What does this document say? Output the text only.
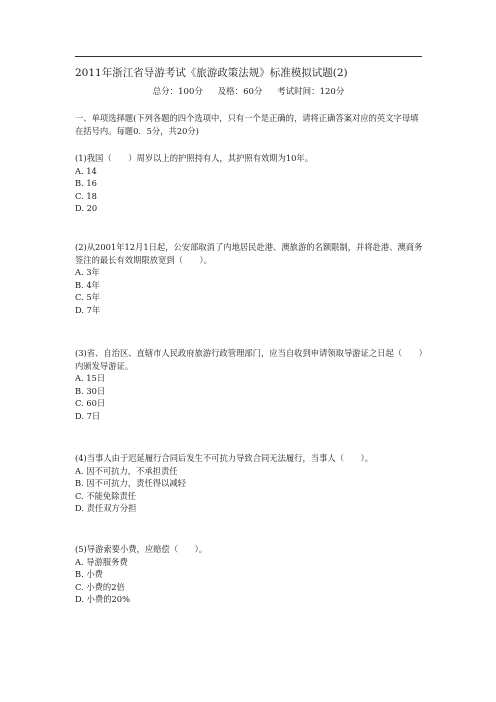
2011年浙江省导游考试《旅游政策法规》标准模拟试题(2)
总分：100分 及格：60分 考试时间：120分
一、单项选择题(下列各题的四个选项中，只有一个是正确的，请将正确答案对应的英文字母填在括号内。每题0．5分，共20分)

(1)我国（　　）周岁以上的护照持有人，其护照有效期为10年。

A. 14

B. 16

C. 18

D. 20

(2)从2001年12月1日起，公安部取消了内地居民赴港、澳旅游的名额限制，并将赴港、澳商务签注的最长有效期限放宽到（　　）。

A. 3年

B. 4年

C. 5年

D. 7年

(3)省、自治区、直辖市人民政府旅游行政管理部门，应当自收到申请领取导游证之日起（　　）内颁发导游证。

A. 15日

B. 30日

C. 60日

D. 7日

(4)当事人由于迟延履行合同后发生不可抗力导致合同无法履行，当事人（　　）。

A. 因不可抗力，不承担责任

B. 因不可抗力，责任得以减轻

C. 不能免除责任

D. 责任双方分担

(5)导游索要小费，应赔偿（　　）。

A. 导游服务费

B. 小费

C. 小费的2倍

D. 小费的20%
